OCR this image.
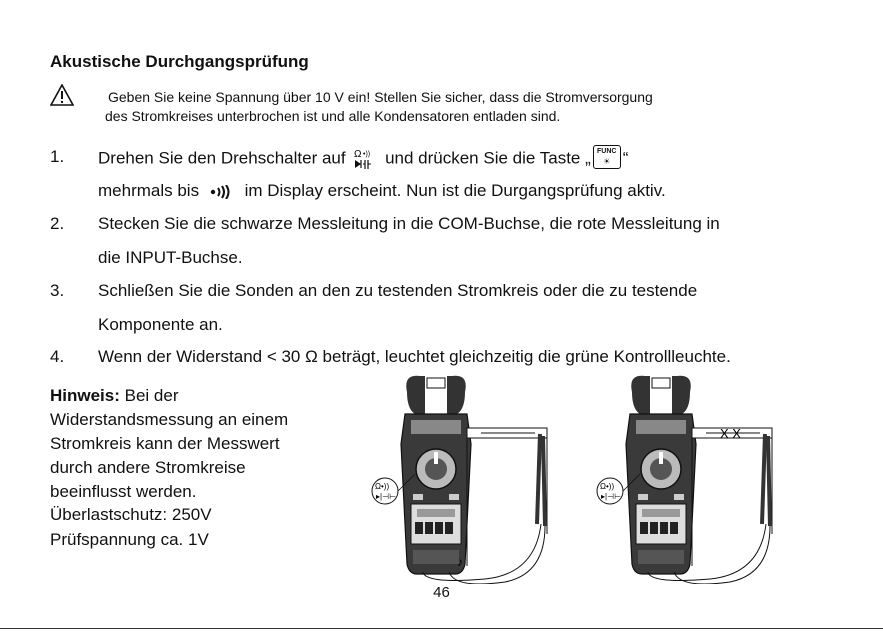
Akustische Durchgangsprüfung
Geben Sie keine Spannung über 10 V ein! Stellen Sie sicher, dass die Stromversorgung
des Stromkreises unterbrochen ist und alle Kondensatoren entladen sind.
1. Drehen Sie den Drehschalter auf Ω •)) und drücken Sie die Taste „ FUNC
☀ “
mehrmals bis	im Display erscheint. Nun ist die Durgangsprüfung aktiv.
2. Stecken Sie die schwarze Messleitung in die COM-Buchse, die rote Messleitung in
die INPUT-Buchse.
3. Schließen Sie die Sonden an den zu testenden Stromkreis oder die zu testende
Komponente an.
4. Wenn der Widerstand < 30 Ω beträgt, leuchtet gleichzeitig die grüne Kontrollleuchte.
Hinweis: Bei der
Widerstandsmessung an einem
Stromkreis kann der Messwert
durch andere Stromkreise
beeinflusst werden.
Überlastschutz: 250V
Prüfspannung ca. 1V
Ω•))
▸|⊣⊢
♪
Ω•))
▸|⊣⊢
X X
46
